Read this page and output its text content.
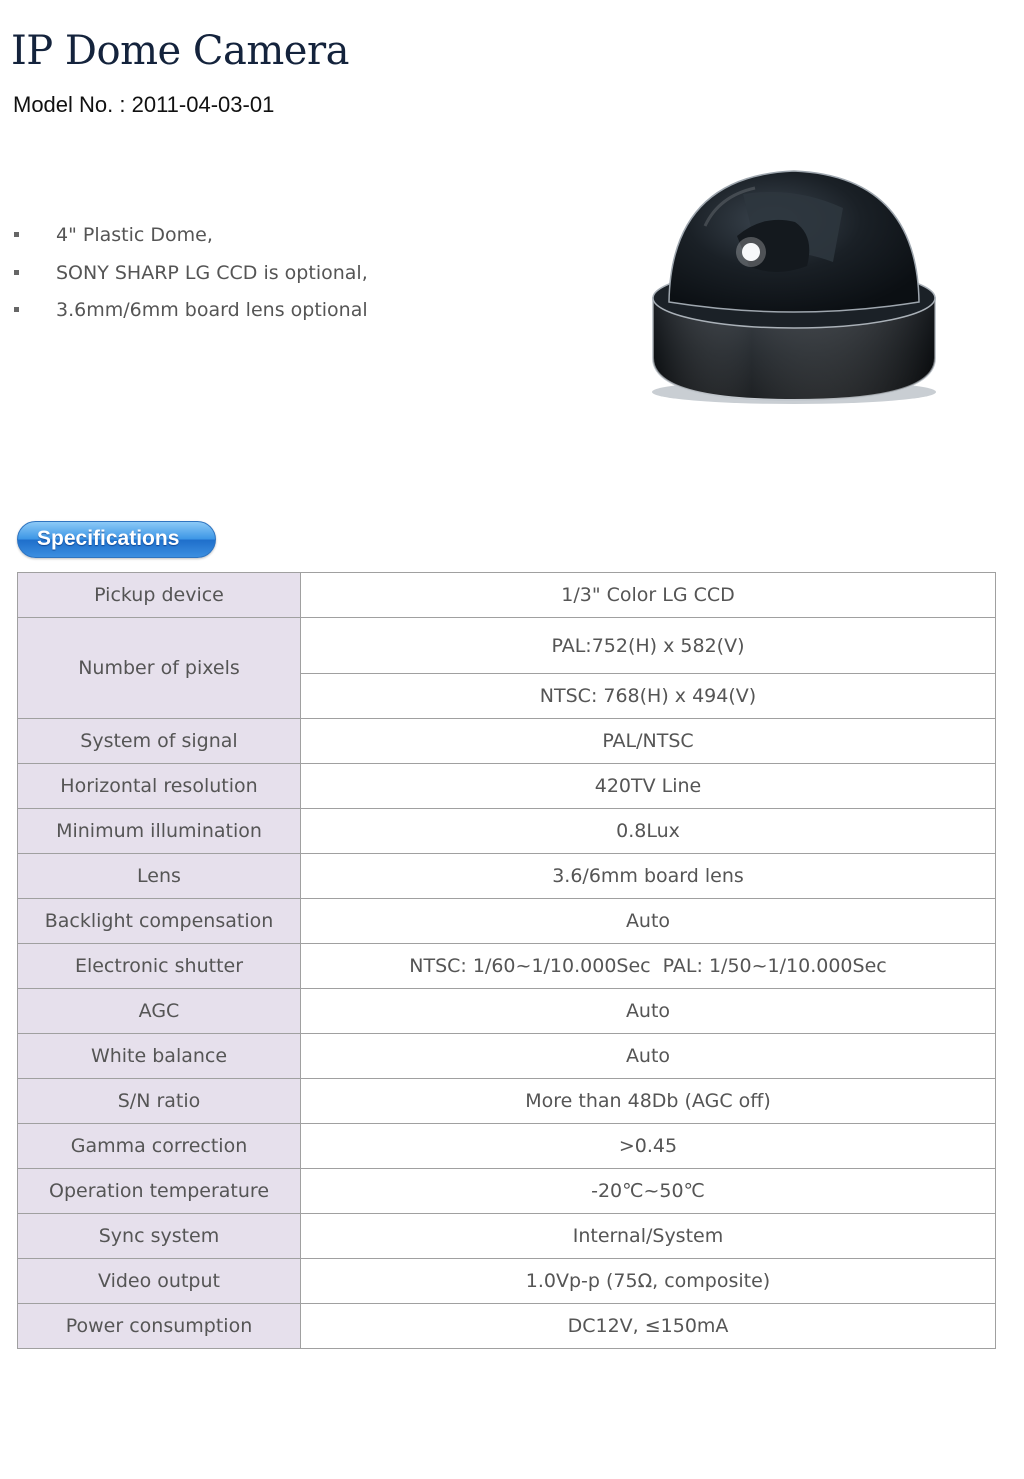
IP Dome Camera
Model No. : 2011-04-03-01
4" Plastic Dome,
SONY SHARP LG CCD is optional,
3.6mm/6mm board lens optional
Specifications
Pickup device	1/3" Color LG CCD
Number of pixels	PAL:752(H) x 582(V)
	NTSC: 768(H) x 494(V)
System of signal	PAL/NTSC
Horizontal resolution	420TV Line
Minimum illumination	0.8Lux
Lens	3.6/6mm board lens
Backlight compensation	Auto
Electronic shutter	NTSC: 1/60~1/10.000Sec  PAL: 1/50~1/10.000Sec
AGC	Auto
White balance	Auto
S/N ratio	More than 48Db (AGC off)
Gamma correction	>0.45
Operation temperature	-20℃~50℃
Sync system	Internal/System
Video output	1.0Vp-p (75Ω, composite)
Power consumption	DC12V, ≤150mA
